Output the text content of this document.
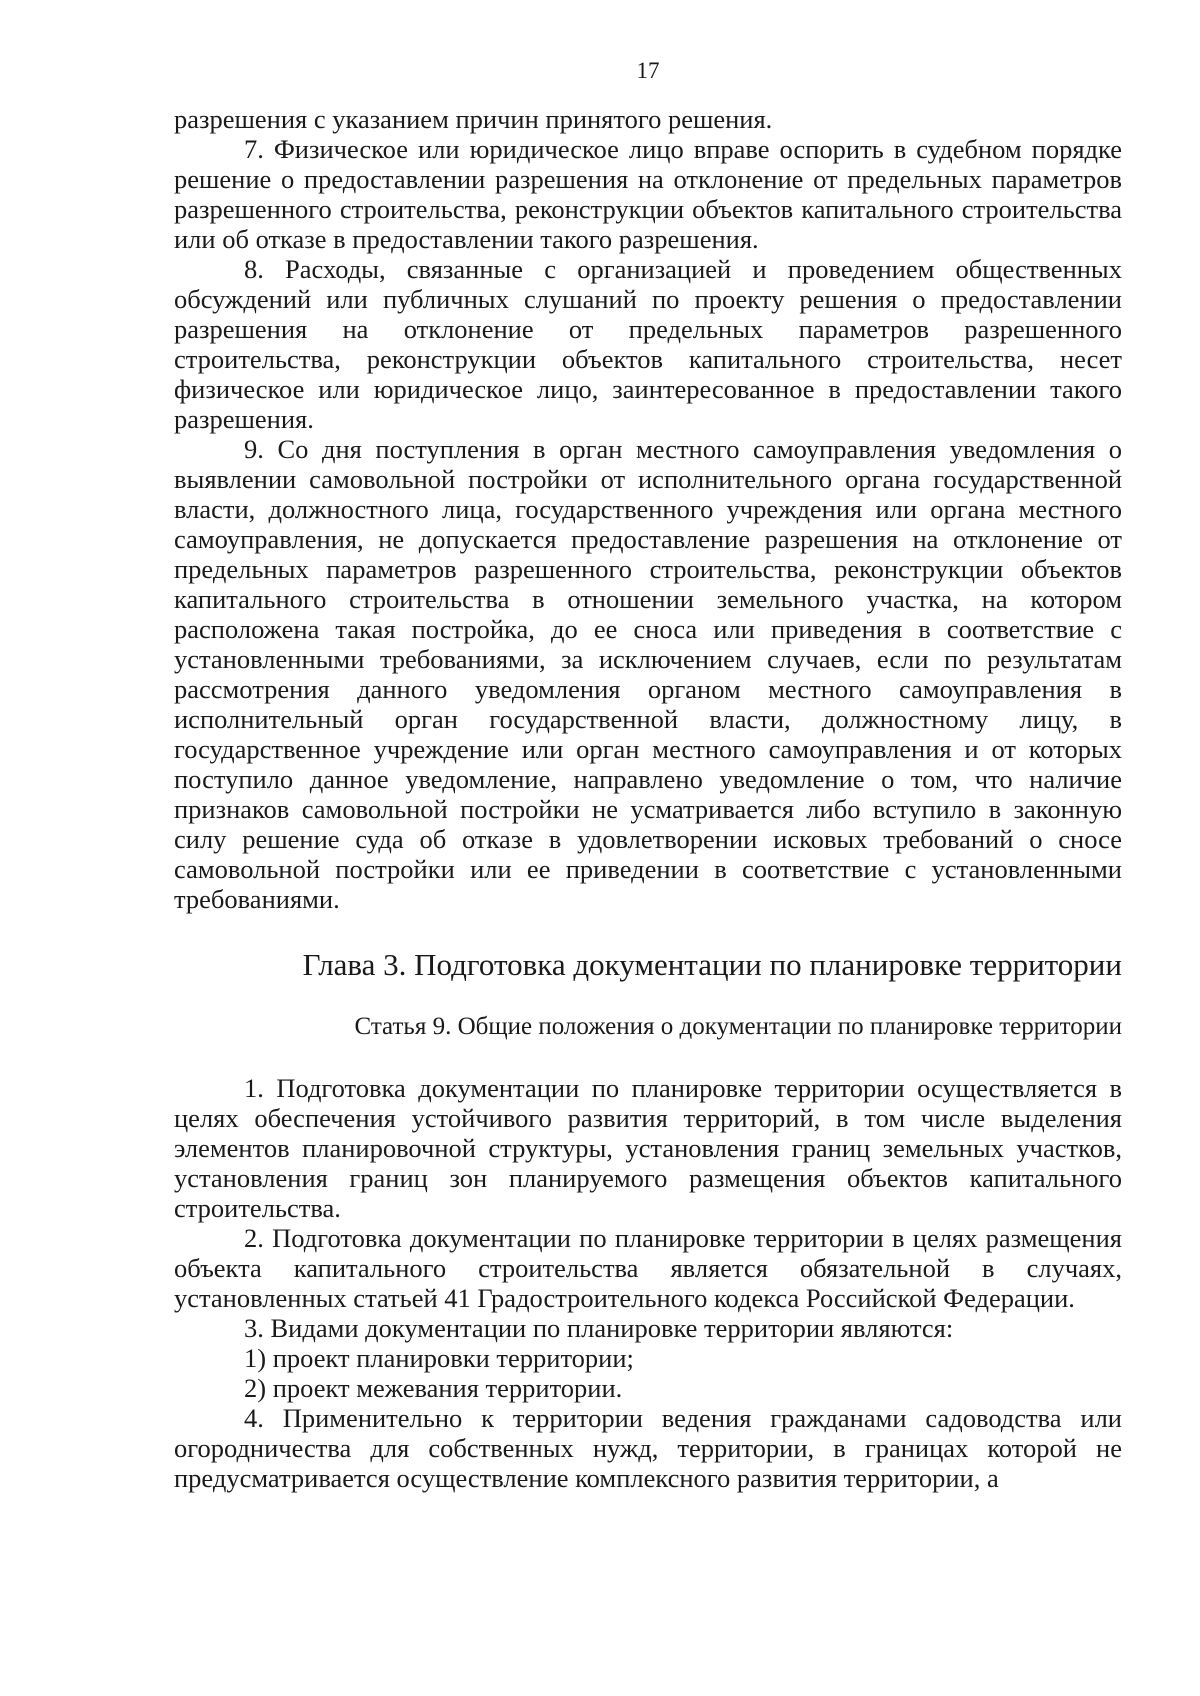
17

разрешения с указанием причин принятого решения.

7. Физическое или юридическое лицо вправе оспорить в судебном порядке решение о предоставлении разрешения на отклонение от предельных параметров разрешенного строительства, реконструкции объектов капитального строительства или об отказе в предоставлении такого разрешения.

8. Расходы, связанные с организацией и проведением общественных обсуждений или публичных слушаний по проекту решения о предоставлении разрешения на отклонение от предельных параметров разрешенного строительства, реконструкции объектов капитального строительства, несет физическое или юридическое лицо, заинтересованное в предоставлении такого разрешения.

9. Со дня поступления в орган местного самоуправления уведомления о выявлении самовольной постройки от исполнительного органа государственной власти, должностного лица, государственного учреждения или органа местного самоуправления, не допускается предоставление разрешения на отклонение от предельных параметров разрешенного строительства, реконструкции объектов капитального строительства в отношении земельного участка, на котором расположена такая постройка, до ее сноса или приведения в соответствие с установленными требованиями, за исключением случаев, если по результатам рассмотрения данного уведомления органом местного самоуправления в исполнительный орган государственной власти, должностному лицу, в государственное учреждение или орган местного самоуправления и от которых поступило данное уведомление, направлено уведомление о том, что наличие признаков самовольной постройки не усматривается либо вступило в законную силу решение суда об отказе в удовлетворении исковых требований о сносе самовольной постройки или ее приведении в соответствие с установленными требованиями.

Глава 3. Подготовка документации по планировке территории
Статья 9. Общие положения о документации по планировке территории

1. Подготовка документации по планировке территории осуществляется в целях обеспечения устойчивого развития территорий, в том числе выделения элементов планировочной структуры, установления границ земельных участков, установления границ зон планируемого размещения объектов капитального строительства.

2. Подготовка документации по планировке территории в целях размещения объекта капитального строительства является обязательной в случаях, установленных статьей 41 Градостроительного кодекса Российской Федерации.

3. Видами документации по планировке территории являются:

1) проект планировки территории;

2) проект межевания территории.

4. Применительно к территории ведения гражданами садоводства или огородничества для собственных нужд, территории, в границах которой не предусматривается осуществление комплексного развития территории, а
